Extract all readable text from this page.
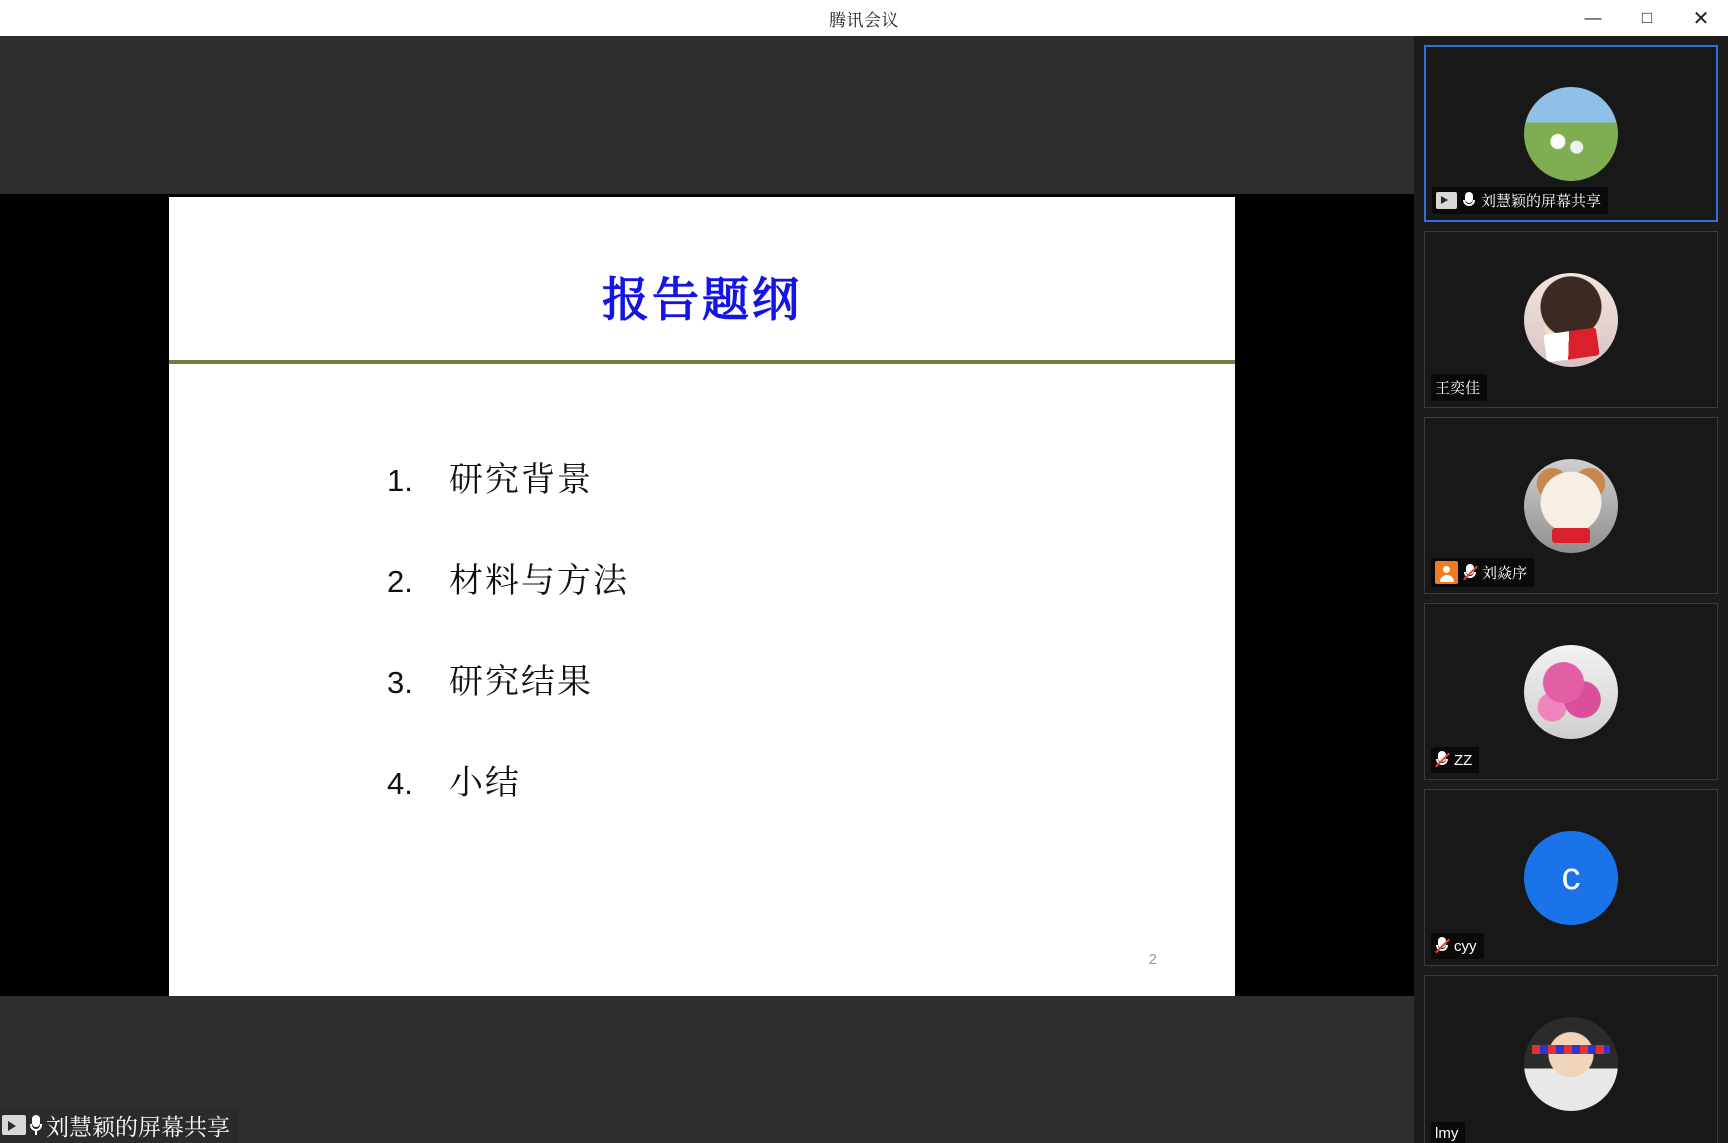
腾讯会议	—	□	✕
报告题纲
1.	研究背景
2.	材料与方法
3.	研究结果
4.	小结
2
刘慧颖的屏幕共享
刘慧颖的屏幕共享
王奕佳
刘焱序
ZZ
c
cyy
lmy
